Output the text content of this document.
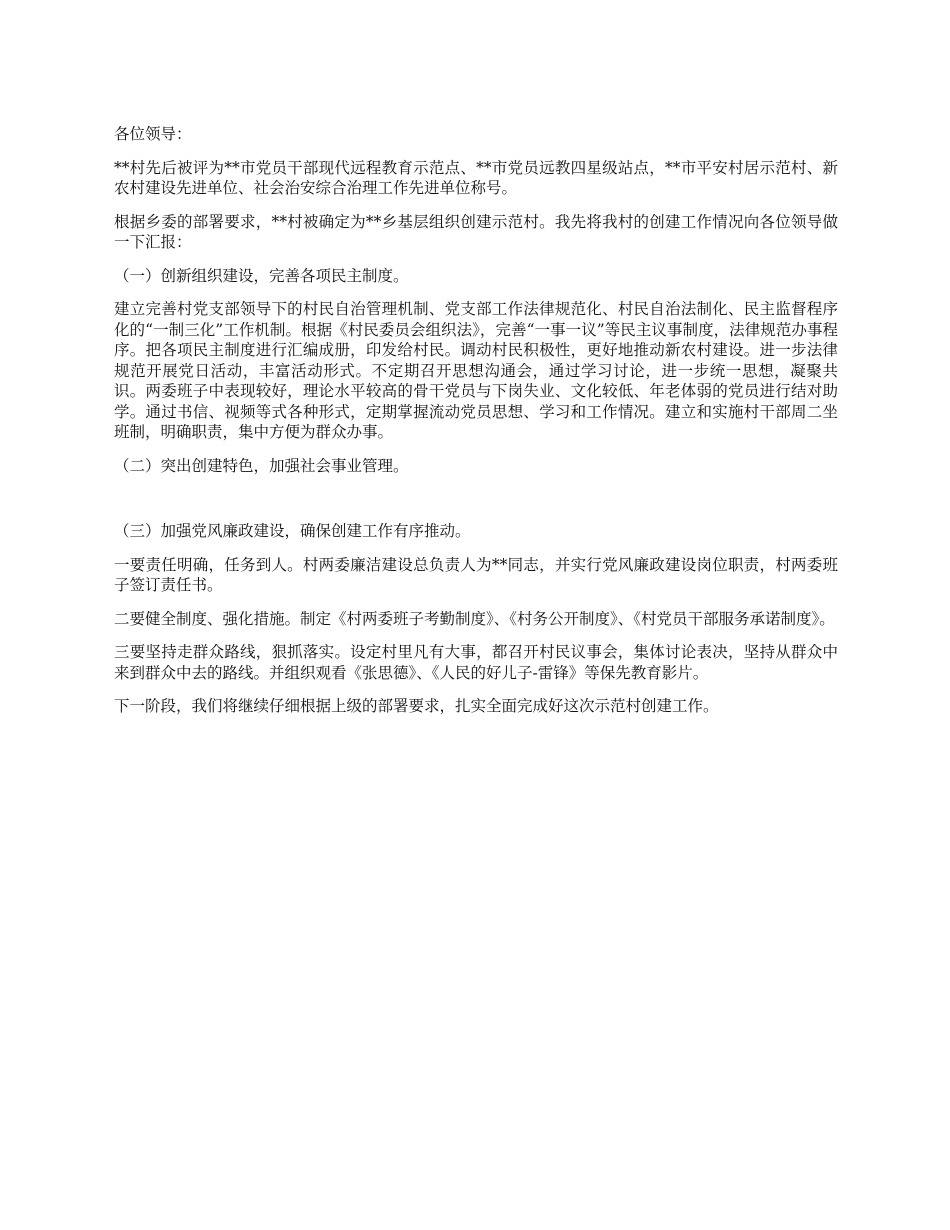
各位领导：

**村先后被评为**市党员干部现代远程教育示范点、**市党员远教四星级站点，**市平安村居示范村、新农村建设先进单位、社会治安综合治理工作先进单位称号。

根据乡委的部署要求，**村被确定为**乡基层组织创建示范村。我先将我村的创建工作情况向各位领导做一下汇报：

（一）创新组织建设，完善各项民主制度。

建立完善村党支部领导下的村民自治管理机制、党支部工作法律规范化、村民自治法制化、民主监督程序化的“一制三化”工作机制。根据《村民委员会组织法》，完善“一事一议”等民主议事制度，法律规范办事程序。把各项民主制度进行汇编成册，印发给村民。调动村民积极性，更好地推动新农村建设。进一步法律规范开展党日活动，丰富活动形式。不定期召开思想沟通会，通过学习讨论，进一步统一思想，凝聚共识。两委班子中表现较好，理论水平较高的骨干党员与下岗失业、文化较低、年老体弱的党员进行结对助学。通过书信、视频等式各种形式，定期掌握流动党员思想、学习和工作情况。建立和实施村干部周二坐班制，明确职责，集中方便为群众办事。

（二）突出创建特色，加强社会事业管理。

（三）加强党风廉政建设，确保创建工作有序推动。

一要责任明确，任务到人。村两委廉洁建设总负责人为**同志，并实行党风廉政建设岗位职责，村两委班子签订责任书。

二要健全制度、强化措施。制定《村两委班子考勤制度》、《村务公开制度》、《村党员干部服务承诺制度》。

三要坚持走群众路线，狠抓落实。设定村里凡有大事，都召开村民议事会，集体讨论表决，坚持从群众中来到群众中去的路线。并组织观看《张思德》、《人民的好儿子-雷锋》等保先教育影片。

下一阶段，我们将继续仔细根据上级的部署要求，扎实全面完成好这次示范村创建工作。
